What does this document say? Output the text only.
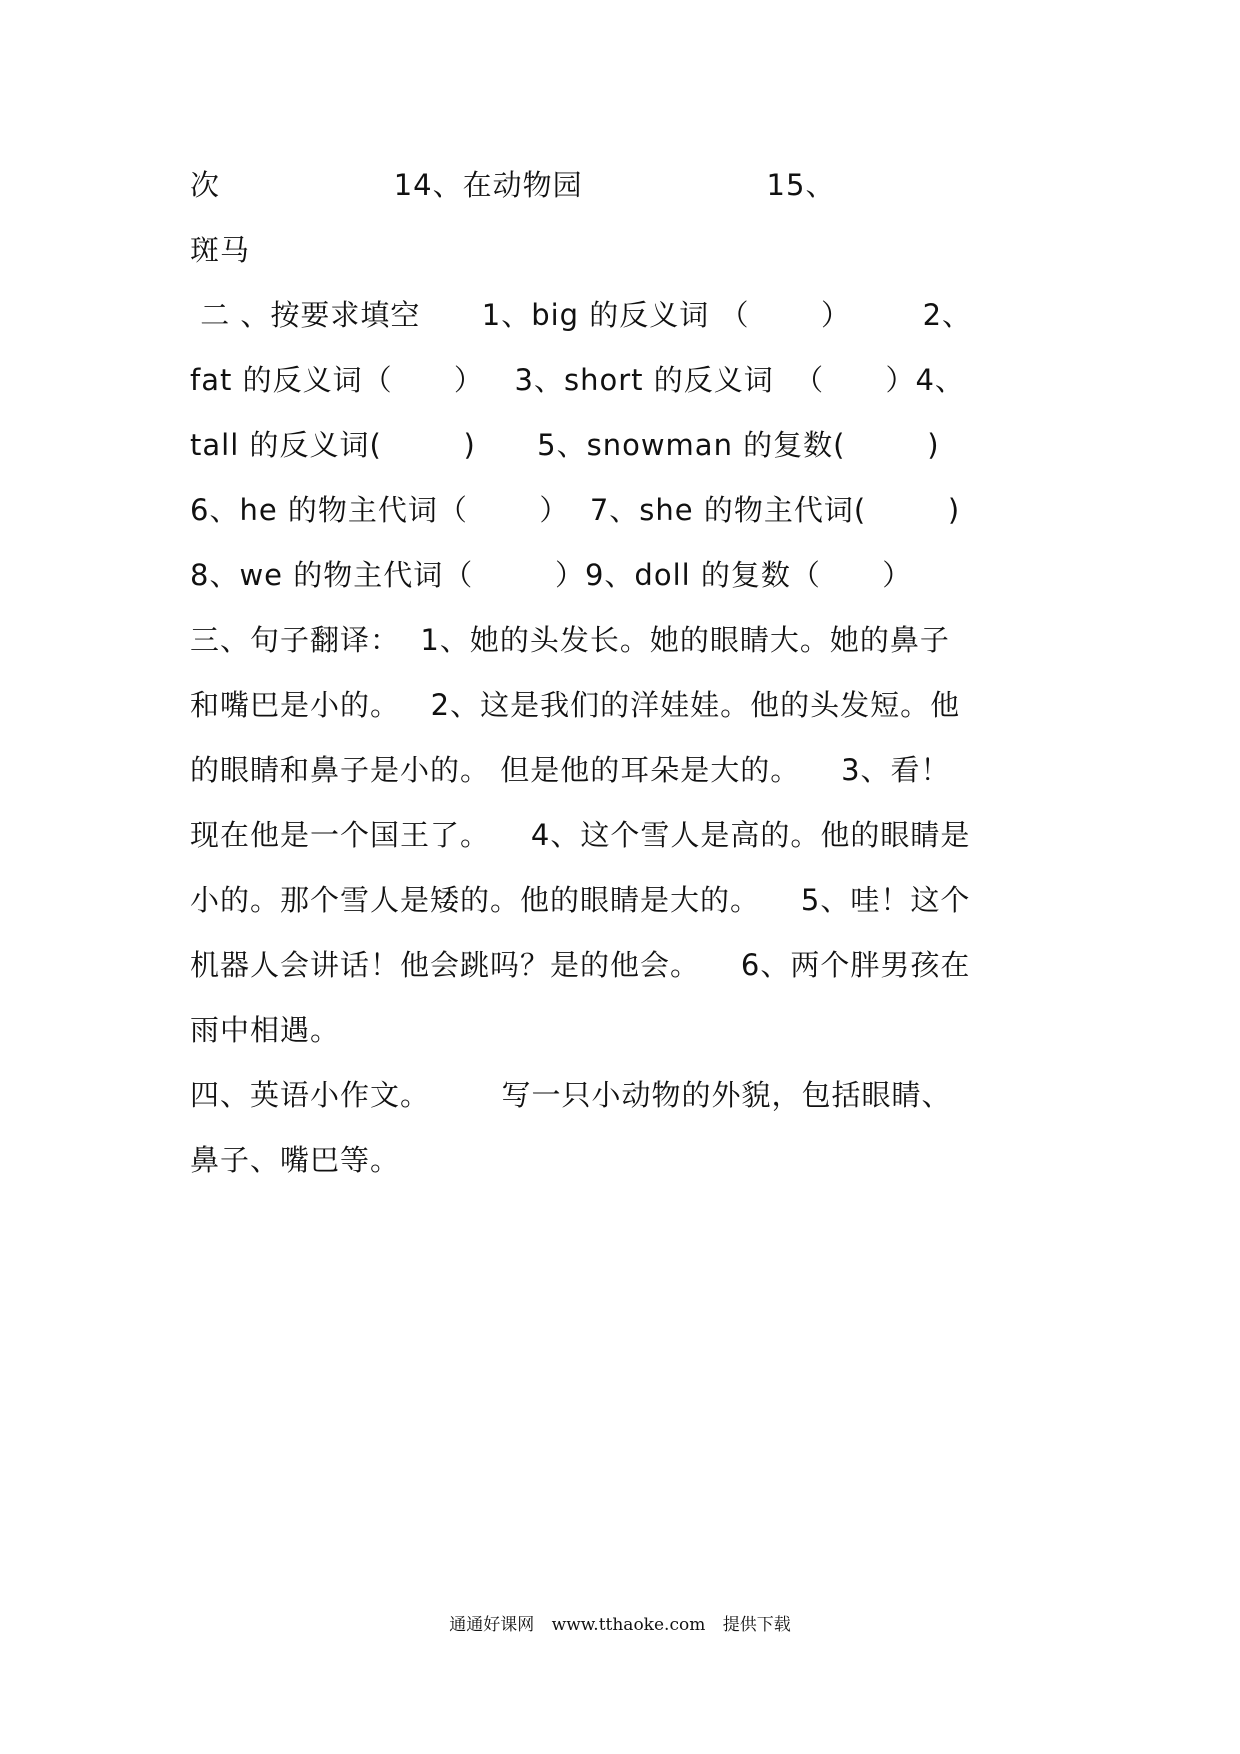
次                 14、在动物园                  15、
斑马
二 、按要求填空      1、big 的反义词 （       ）       2、
fat 的反义词（      ）   3、short 的反义词  （      ）4、
tall 的反义词(        )      5、snowman 的复数(        )
6、he 的物主代词（       ）  7、she 的物主代词(        )
8、we 的物主代词（        ）9、doll 的复数（      ）
三、句子翻译：  1、她的头发长。她的眼睛大。她的鼻子
和嘴巴是小的。   2、这是我们的洋娃娃。他的头发短。他
的眼睛和鼻子是小的。 但是他的耳朵是大的。    3、看！
现在他是一个国王了。    4、这个雪人是高的。他的眼睛是
小的。那个雪人是矮的。他的眼睛是大的。    5、哇！这个
机器人会讲话！他会跳吗？是的他会。    6、两个胖男孩在
雨中相遇。
四、英语小作文。       写一只小动物的外貌，包括眼睛、
鼻子、嘴巴等。
通通好课网 www.tthaoke.com 提供下载
